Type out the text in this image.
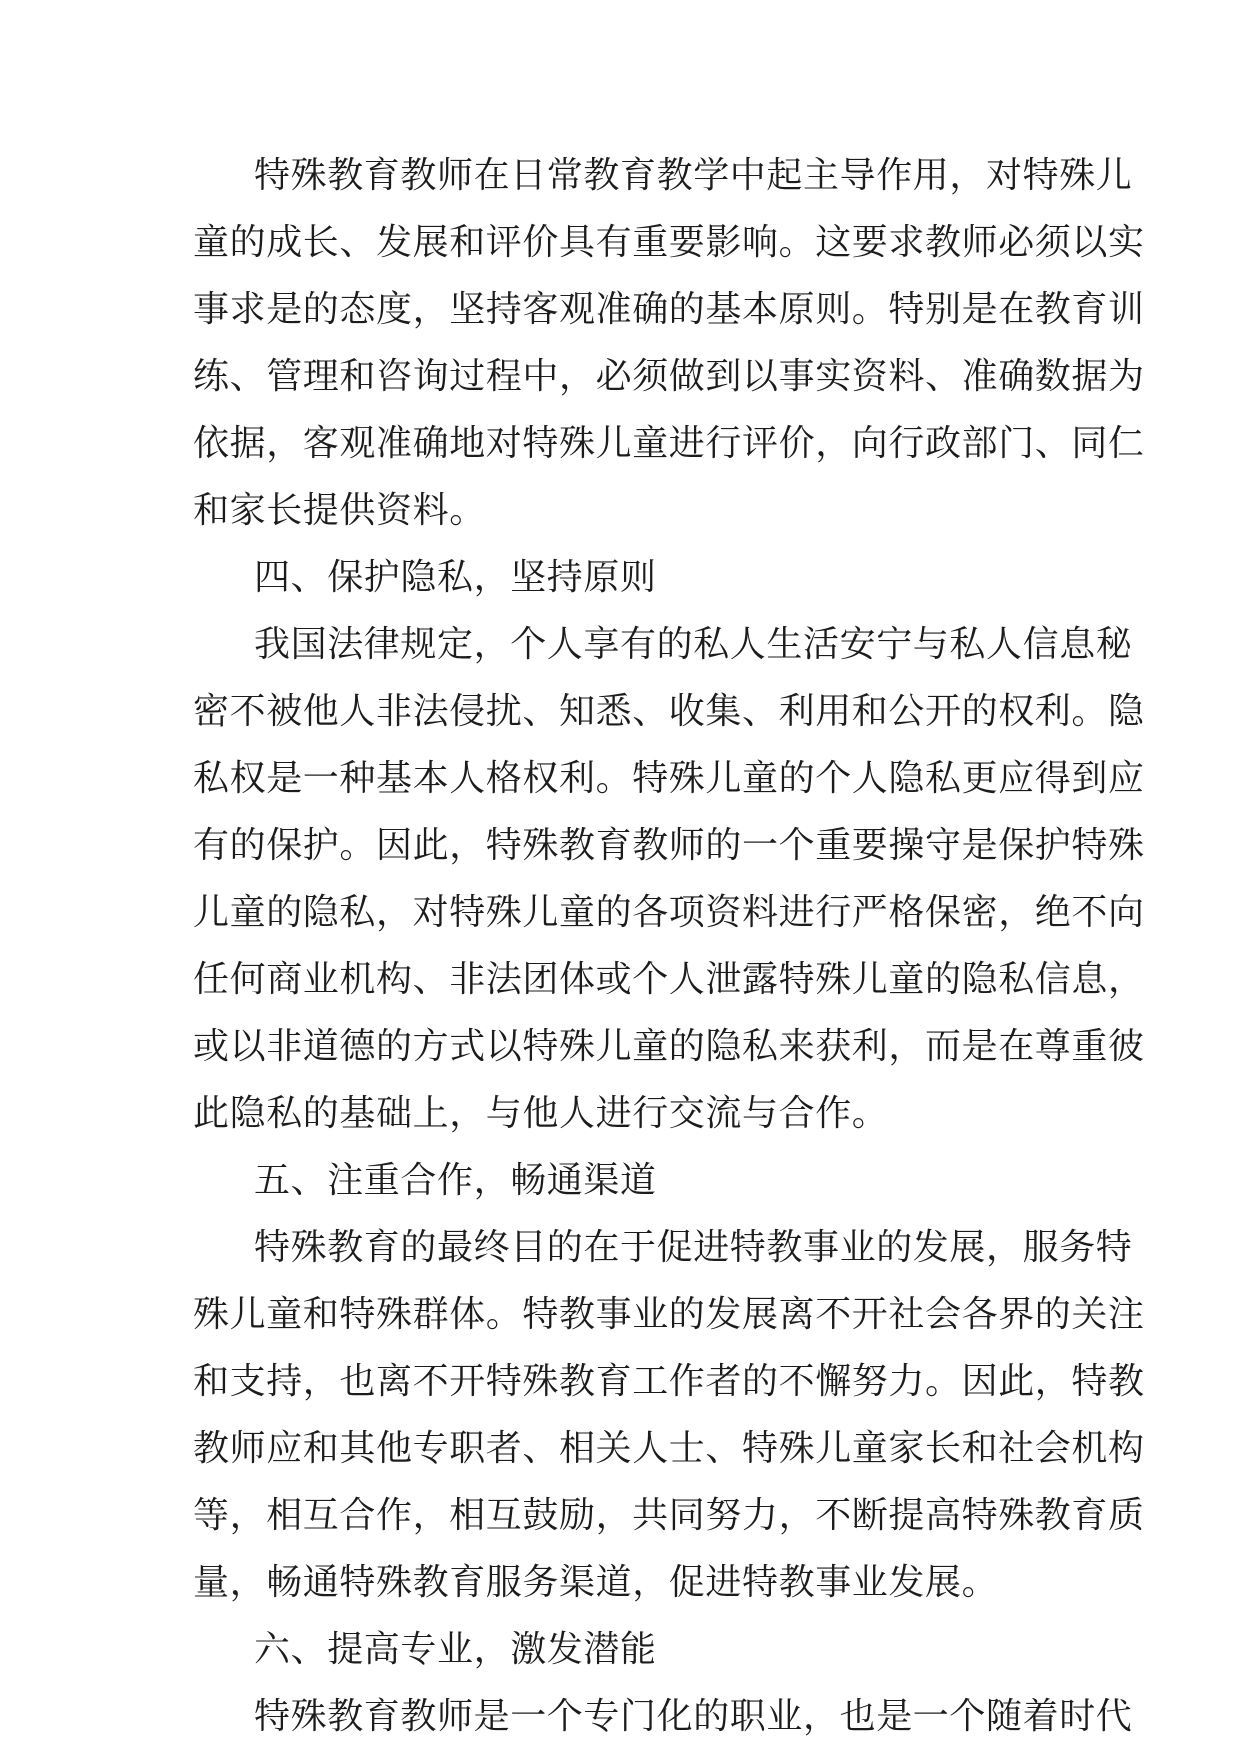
特殊教育教师在日常教育教学中起主导作用，对特殊儿

童的成长、发展和评价具有重要影响。这要求教师必须以实

事求是的态度，坚持客观准确的基本原则。特别是在教育训

练、管理和咨询过程中，必须做到以事实资料、准确数据为

依据，客观准确地对特殊儿童进行评价，向行政部门、同仁

和家长提供资料。

四、保护隐私，坚持原则

我国法律规定，个人享有的私人生活安宁与私人信息秘

密不被他人非法侵扰、知悉、收集、利用和公开的权利。隐

私权是一种基本人格权利。特殊儿童的个人隐私更应得到应

有的保护。因此，特殊教育教师的一个重要操守是保护特殊

儿童的隐私，对特殊儿童的各项资料进行严格保密，绝不向

任何商业机构、非法团体或个人泄露特殊儿童的隐私信息，

或以非道德的方式以特殊儿童的隐私来获利，而是在尊重彼

此隐私的基础上，与他人进行交流与合作。

五、注重合作，畅通渠道

特殊教育的最终目的在于促进特教事业的发展，服务特

殊儿童和特殊群体。特教事业的发展离不开社会各界的关注

和支持，也离不开特殊教育工作者的不懈努力。因此，特教

教师应和其他专职者、相关人士、特殊儿童家长和社会机构

等，相互合作，相互鼓励，共同努力，不断提高特殊教育质

量，畅通特殊教育服务渠道，促进特教事业发展。

六、提高专业，激发潜能

特殊教育教师是一个专门化的职业，也是一个随着时代
